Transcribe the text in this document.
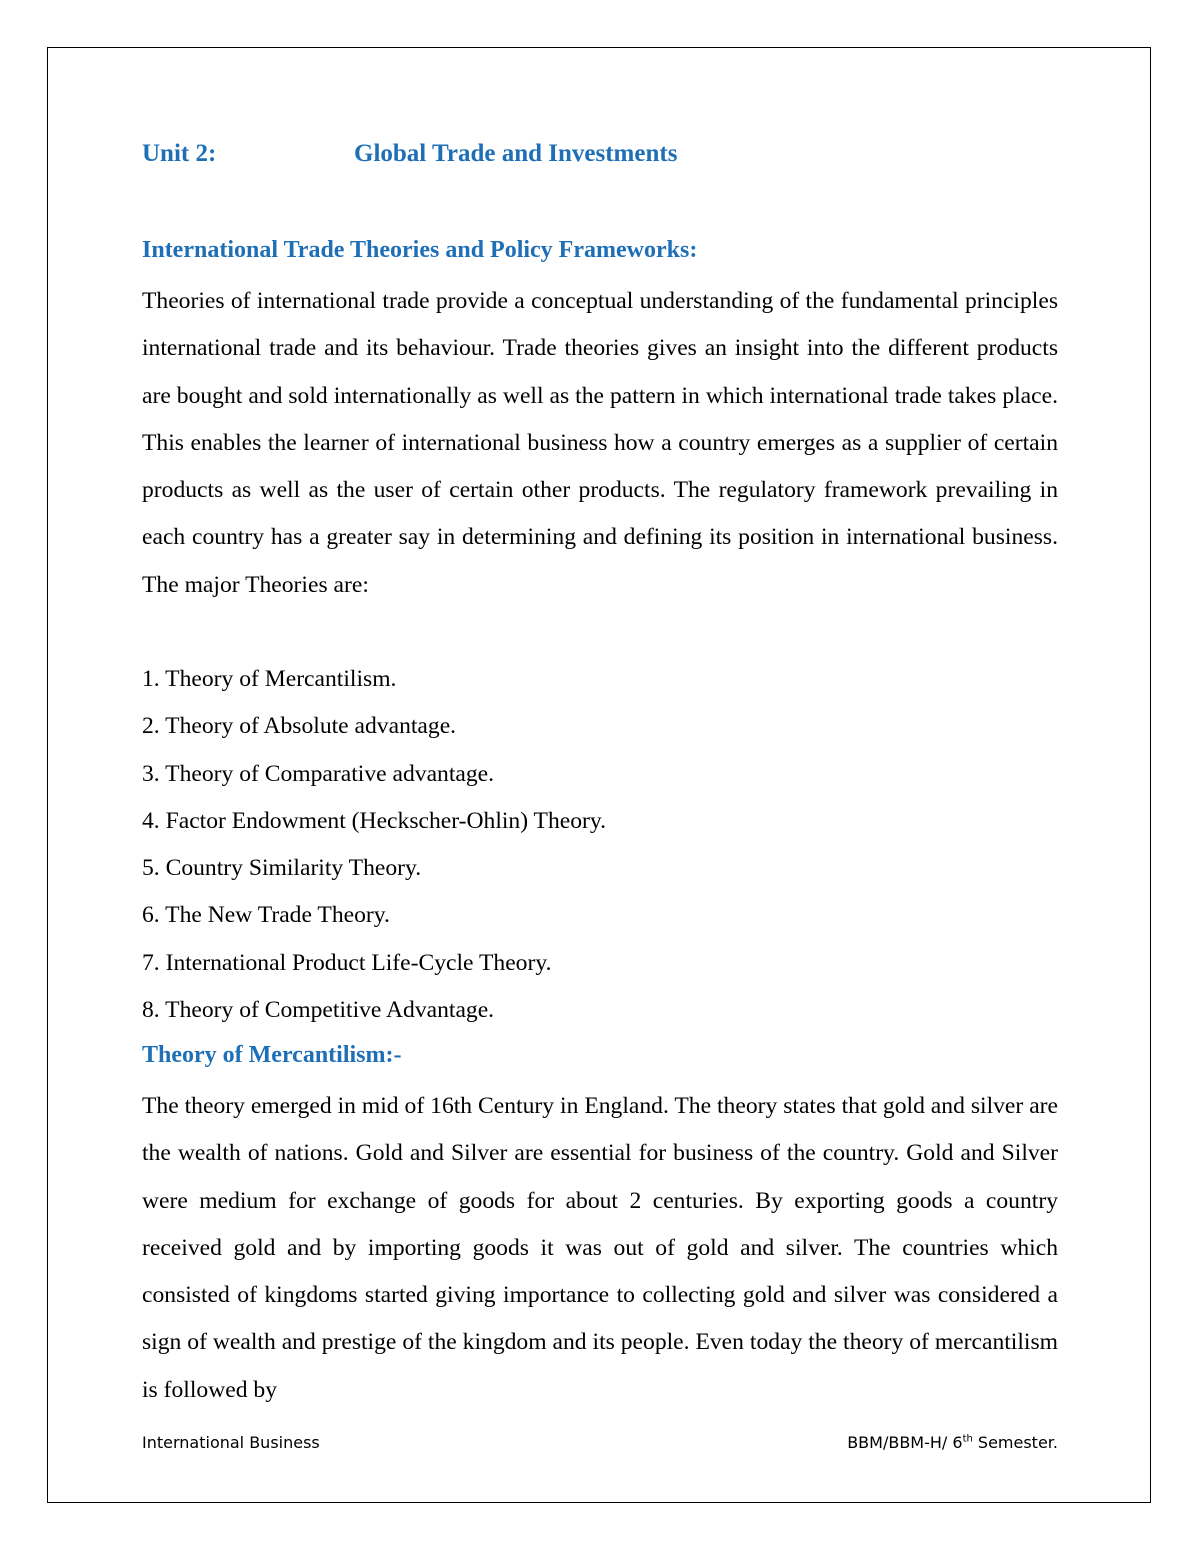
Unit 2:	Global Trade and Investments
International Trade Theories and Policy Frameworks:

Theories of international trade provide a conceptual understanding of the fundamental principles international trade and its behaviour. Trade theories gives an insight into the different products are bought and sold internationally as well as the pattern in which international trade takes place. This enables the learner of international business how a country emerges as a supplier of certain products as well as the user of certain other products. The regulatory framework prevailing in each country has a greater say in determining and defining its position in international business. The major Theories are:

1. Theory of Mercantilism.
2. Theory of Absolute advantage.
3. Theory of Comparative advantage.
4. Factor Endowment (Heckscher-Ohlin) Theory.
5. Country Similarity Theory.
6. The New Trade Theory.
7. International Product Life-Cycle Theory.
8. Theory of Competitive Advantage.
Theory of Mercantilism:-

The theory emerged in mid of 16th Century in England. The theory states that gold and silver are the wealth of nations. Gold and Silver are essential for business of the country. Gold and Silver were medium for exchange of goods for about 2 centuries. By exporting goods a country received gold and by importing goods it was out of gold and silver. The countries which consisted of kingdoms started giving importance to collecting gold and silver was considered a sign of wealth and prestige of the kingdom and its people. Even today the theory of mercantilism is followed by

International Business	BBM/BBM-H/ 6th Semester.
